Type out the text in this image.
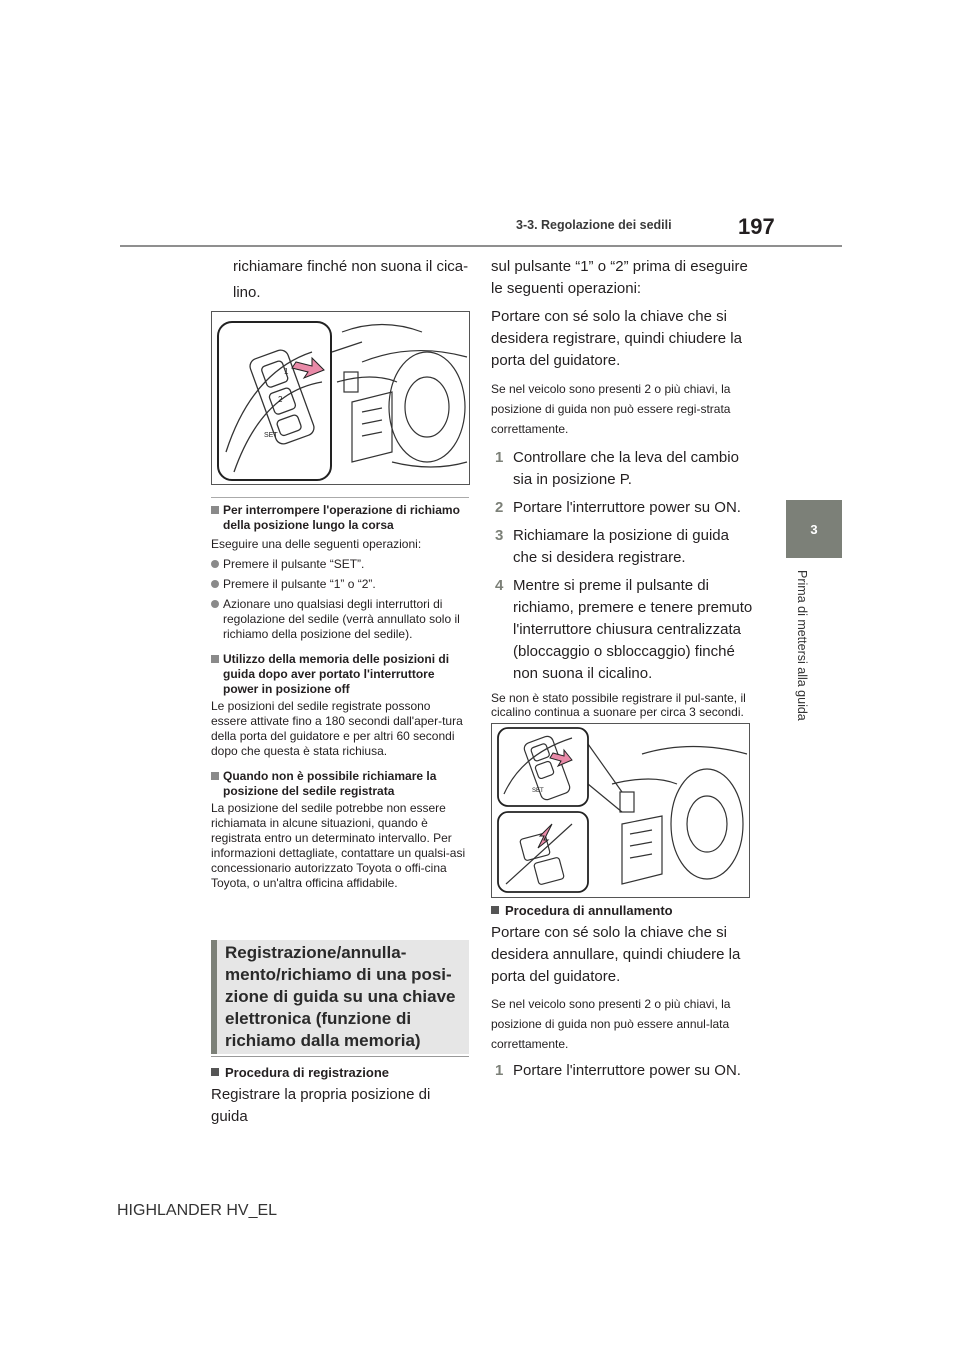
197
3-3. Regolazione dei sedili
3
Prima di mettersi alla guida

richiamare finché non suona il cica-

lino.

1
2
SET

Per interrompere l'operazione di richiamo della posizione lungo la corsa

Eseguire una delle seguenti operazioni:

Premere il pulsante “SET”.

Premere il pulsante “1” o “2”.

Azionare uno qualsiasi degli interruttori di regolazione del sedile (verrà annullato solo il richiamo della posizione del sedile).

Utilizzo della memoria delle posizioni di guida dopo aver portato l'interruttore power in posizione off

Le posizioni del sedile registrate possono essere attivate fino a 180 secondi dall'aper-tura della porta del guidatore e per altri 60 secondi dopo che questa è stata richiusa.

Quando non è possibile richiamare la posizione del sedile registrata

La posizione del sedile potrebbe non essere richiamata in alcune situazioni, quando è registrata entro un determinato intervallo. Per informazioni dettagliate, contattare un qualsi-asi concessionario autorizzato Toyota o offi-cina Toyota, o un'altra officina affidabile.

Registrazione/annulla-mento/richiamo di una posi-zione di guida su una chiave elettronica (funzione di richiamo dalla memoria)

Procedura di registrazione

Registrare la propria posizione di guida

sul pulsante “1” o “2” prima di eseguire le seguenti operazioni:

Portare con sé solo la chiave che si desidera registrare, quindi chiudere la porta del guidatore.

Se nel veicolo sono presenti 2 o più chiavi, la posizione di guida non può essere regi-strata correttamente.

1 Controllare che la leva del cambio sia in posizione P.

2 Portare l'interruttore power su ON.

3 Richiamare la posizione di guida che si desidera registrare.

4 Mentre si preme il pulsante di richiamo, premere e tenere premuto l'interruttore chiusura centralizzata (bloccaggio o sbloccaggio) finché non suona il cicalino.

Se non è stato possibile registrare il pul-sante, il cicalino continua a suonare per circa 3 secondi.

SET

Procedura di annullamento

Portare con sé solo la chiave che si desidera annullare, quindi chiudere la porta del guidatore.

Se nel veicolo sono presenti 2 o più chiavi, la posizione di guida non può essere annul-lata correttamente.

1 Portare l'interruttore power su ON.

HIGHLANDER HV_EL
